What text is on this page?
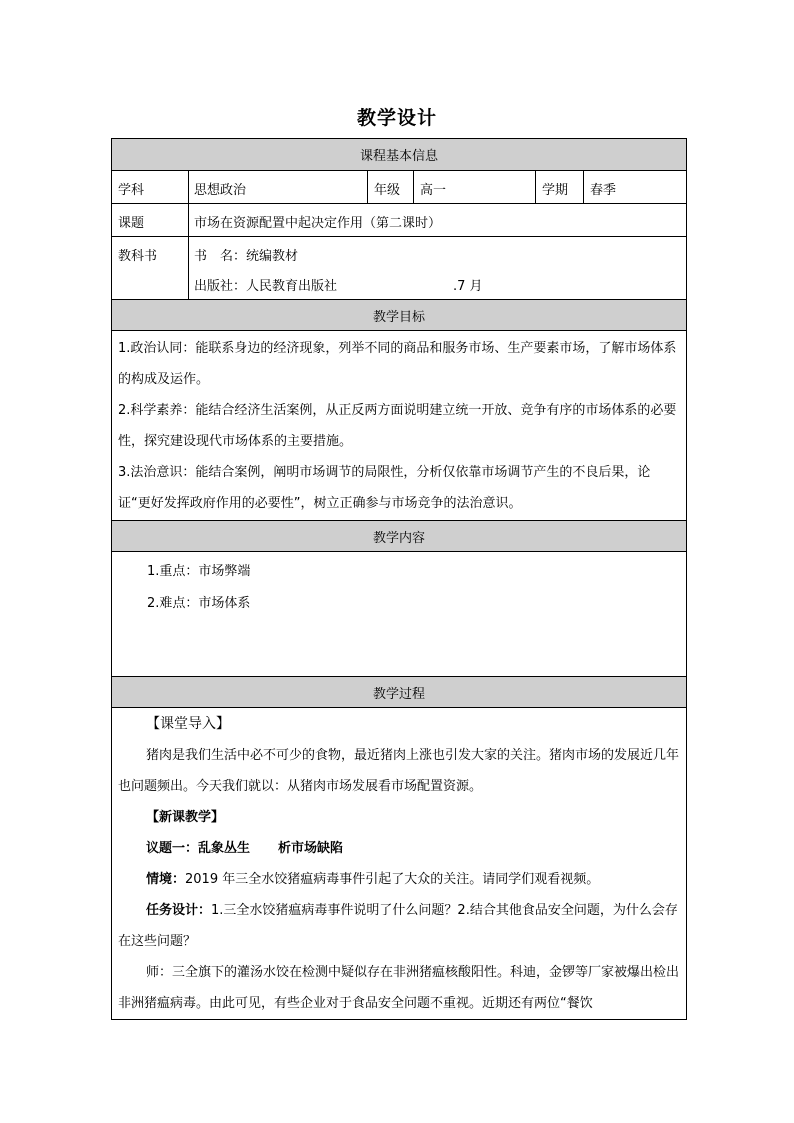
教学设计
课程基本信息
学科	思想政治	年级 高一	学期 春季
课题	市场在资源配置中起决定作用（第二课时）
教科书	书　名：统编教材
出版社：人民教育出版社	.7 月
教学目标
1.政治认同：能联系身边的经济现象，列举不同的商品和服务市场、生产要素市场，了解市场体系的构成及运作。
2.科学素养：能结合经济生活案例，从正反两方面说明建立统一开放、竞争有序的市场体系的必要性，探究建设现代市场体系的主要措施。
3.法治意识：能结合案例，阐明市场调节的局限性，分析仅依靠市场调节产生的不良后果，论证“更好发挥政府作用的必要性”，树立正确参与市场竞争的法治意识。
教学内容
1.重点：市场弊端
2.难点：市场体系
教学过程

【课堂导入】

猪肉是我们生活中必不可少的食物，最近猪肉上涨也引发大家的关注。猪肉市场的发展近几年也问题频出。今天我们就以：从猪肉市场发展看市场配置资源。

【新课教学】

议题一：乱象丛生 析市场缺陷

情境：2019 年三全水饺猪瘟病毒事件引起了大众的关注。请同学们观看视频。

任务设计：1.三全水饺猪瘟病毒事件说明了什么问题？2.结合其他食品安全问题，为什么会存在这些问题？

师：三全旗下的灌汤水饺在检测中疑似存在非洲猪瘟核酸阳性。科迪，金锣等厂家被爆出检出非洲猪瘟病毒。由此可见，有些企业对于食品安全问题不重视。近期还有两位“餐饮
